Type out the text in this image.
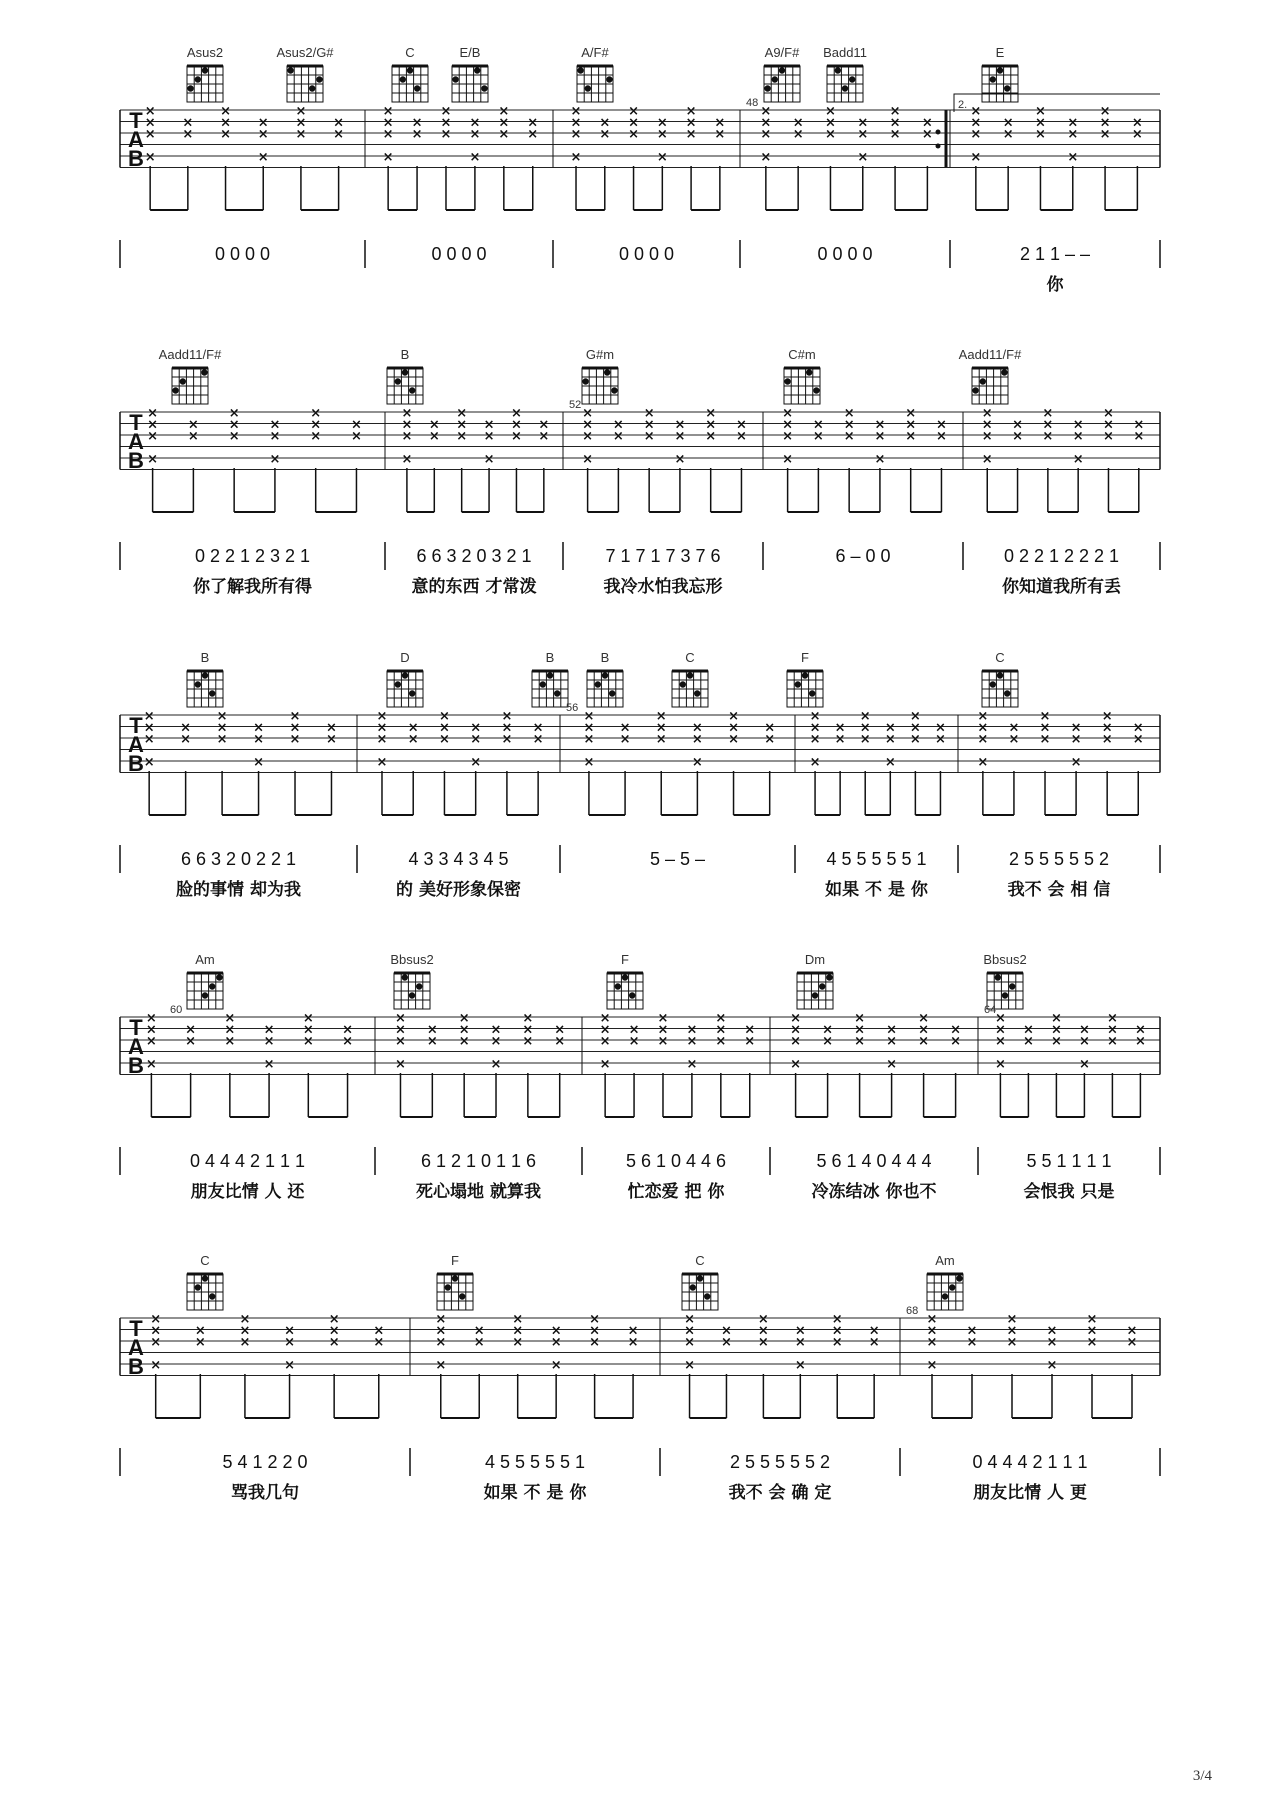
Asus2	Asus2/G#	C	E/B	A/F#	A9/F# Badd11	E
T
A
B
×
×
×
×
×
×
×
×
×
×
×
×
×
×
×
×
×
×
×
×
×
×
×
×
×
×
×
×
×
×
×
×
×
×
×
×
×
×
×
×
×
×
×
×
×
×
×
×
×
×
×
×
×
×
×
×
×
×
×
×
×
×
×
×
×
×
×
×
×
×
×
×
×
×
×
×
×
×
×
×
×
×
×
×
×
48
0 0 0 0	0 0 0 0	0 0 0 0	0 0 0 0	2 1 1 – –
你
Aadd11/F#	B	G#m	C#m	Aadd11/F#
T
A
B
×
×
×
×
×
×
×
×
×
×
×
×
×
×
×
×
×
×
×
×
×
×
×
×
×
×
×
×
×
×
×
×
×
×
×
×
×
×
×
×
×
×
×
×
×
×
×
×
×
×
×
×
×
×
×
×
×
×
×
×
×
×
×
×
×
×
×
×
×
×
×
×
×
×
×
×
×
×
×
×
×
×
×
×
×
52
0 2 2 1 2 3 2 1	6 6 3 2 0 3 2 1	7 1 7 1 7 3 7 6	6 – 0 0	0 2 2 1 2 2 2 1
你了解我所有得	意的东西 才常泼	我冷水怕我忘形	你知道我所有丢
B	D	B	B	C	F	C
T
A
B
×
×
×
×
×
×
×
×
×
×
×
×
×
×
×
×
×
×
×
×
×
×
×
×
×
×
×
×
×
×
×
×
×
×
×
×
×
×
×
×
×
×
×
×
×
×
×
×
×
×
×
×
×
×
×
×
×
×
×
×
×
×
×
×
×
×
×
×
×
×
×
×
×
×
×
×
×
×
×
×
×
×
×
×
×
56
6 6 3 2 0 2 2 1	4 3 3 4 3 4 5	5 – 5 –	4 5 5 5 5 5 1	2 5 5 5 5 5 2
脸的事情 却为我	的 美好形象保密	如果 不 是 你	我不 会 相 信
Am	Bbsus2	F	Dm	Bbsus2
T
A
B
×
×
×
×
×
×
×
×
×
×
×
×
×
×
×
×
×
×
×
×
×
×
×
×
×
×
×
×
×
×
×
×
×
×
×
×
×
×
×
×
×
×
×
×
×
×
×
×
×
×
×
×
×
×
×
×
×
×
×
×
×
×
×
×
×
×
×
×
×
×
×
×
×
×
×
×
×
×
×
×
×
×
×
×
×
60	64
0 4 4 4 2 1 1 1	6 1 2 1 0 1 1 6	5 6 1 0 4 4 6	5 6 1 4 0 4 4 4	5 5 1 1 1 1
朋友比情 人 还	死心塌地 就算我	忙恋爱 把 你	冷冻结冰 你也不	会恨我 只是
C	F	C	Am
T
A
B
×
×
×
×
×
×
×
×
×
×
×
×
×
×
×
×
×
×
×
×
×
×
×
×
×
×
×
×
×
×
×
×
×
×
×
×
×
×
×
×
×
×
×
×
×
×
×
×
×
×
×
×
×
×
×
×
×
×
×
×
×
×
×
×
×
×
×
×
68
5 4 1 2 2 0	4 5 5 5 5 5 1	2 5 5 5 5 5 2	0 4 4 4 2 1 1 1
骂我几句	如果 不 是 你	我不 会 确 定	朋友比情 人 更
2.
3/4
